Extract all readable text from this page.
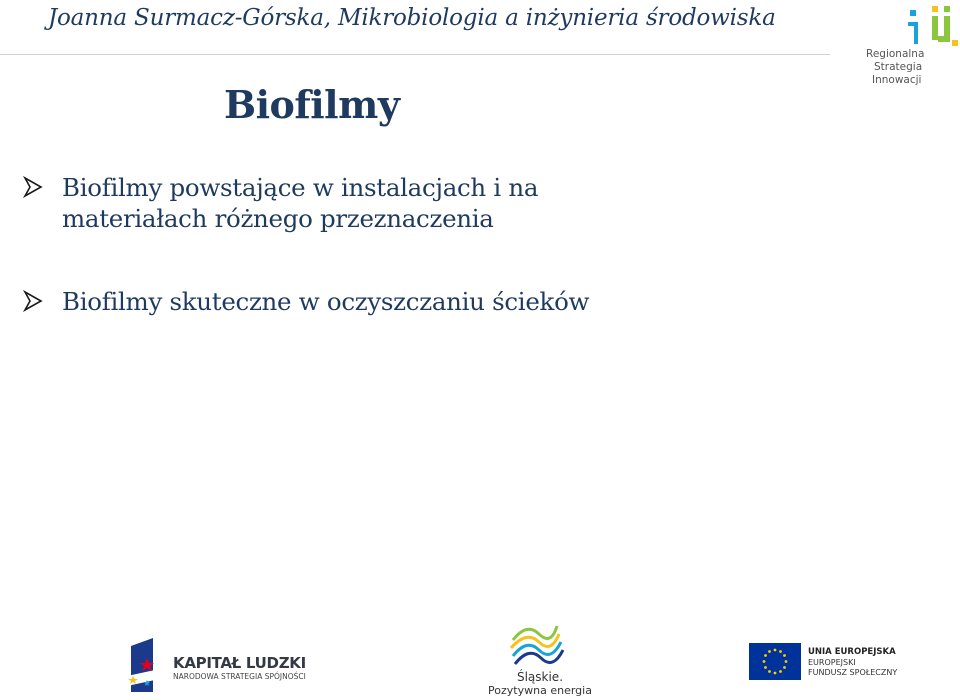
Joanna Surmacz-Górska, Mikrobiologia a inżynieria środowiska
Regionalna
Strategia
Innowacji
Biofilmy
Biofilmy powstające w instalacjach i na materiałach różnego przeznaczenia
Biofilmy skuteczne w oczyszczaniu ścieków
KAPITAŁ LUDZKI
NARODOWA STRATEGIA SPÓJNOŚCI	Śląskie.
Pozytywna energia
UNIA EUROPEJSKA
EUROPEJSKI
FUNDUSZ SPOŁECZNY
